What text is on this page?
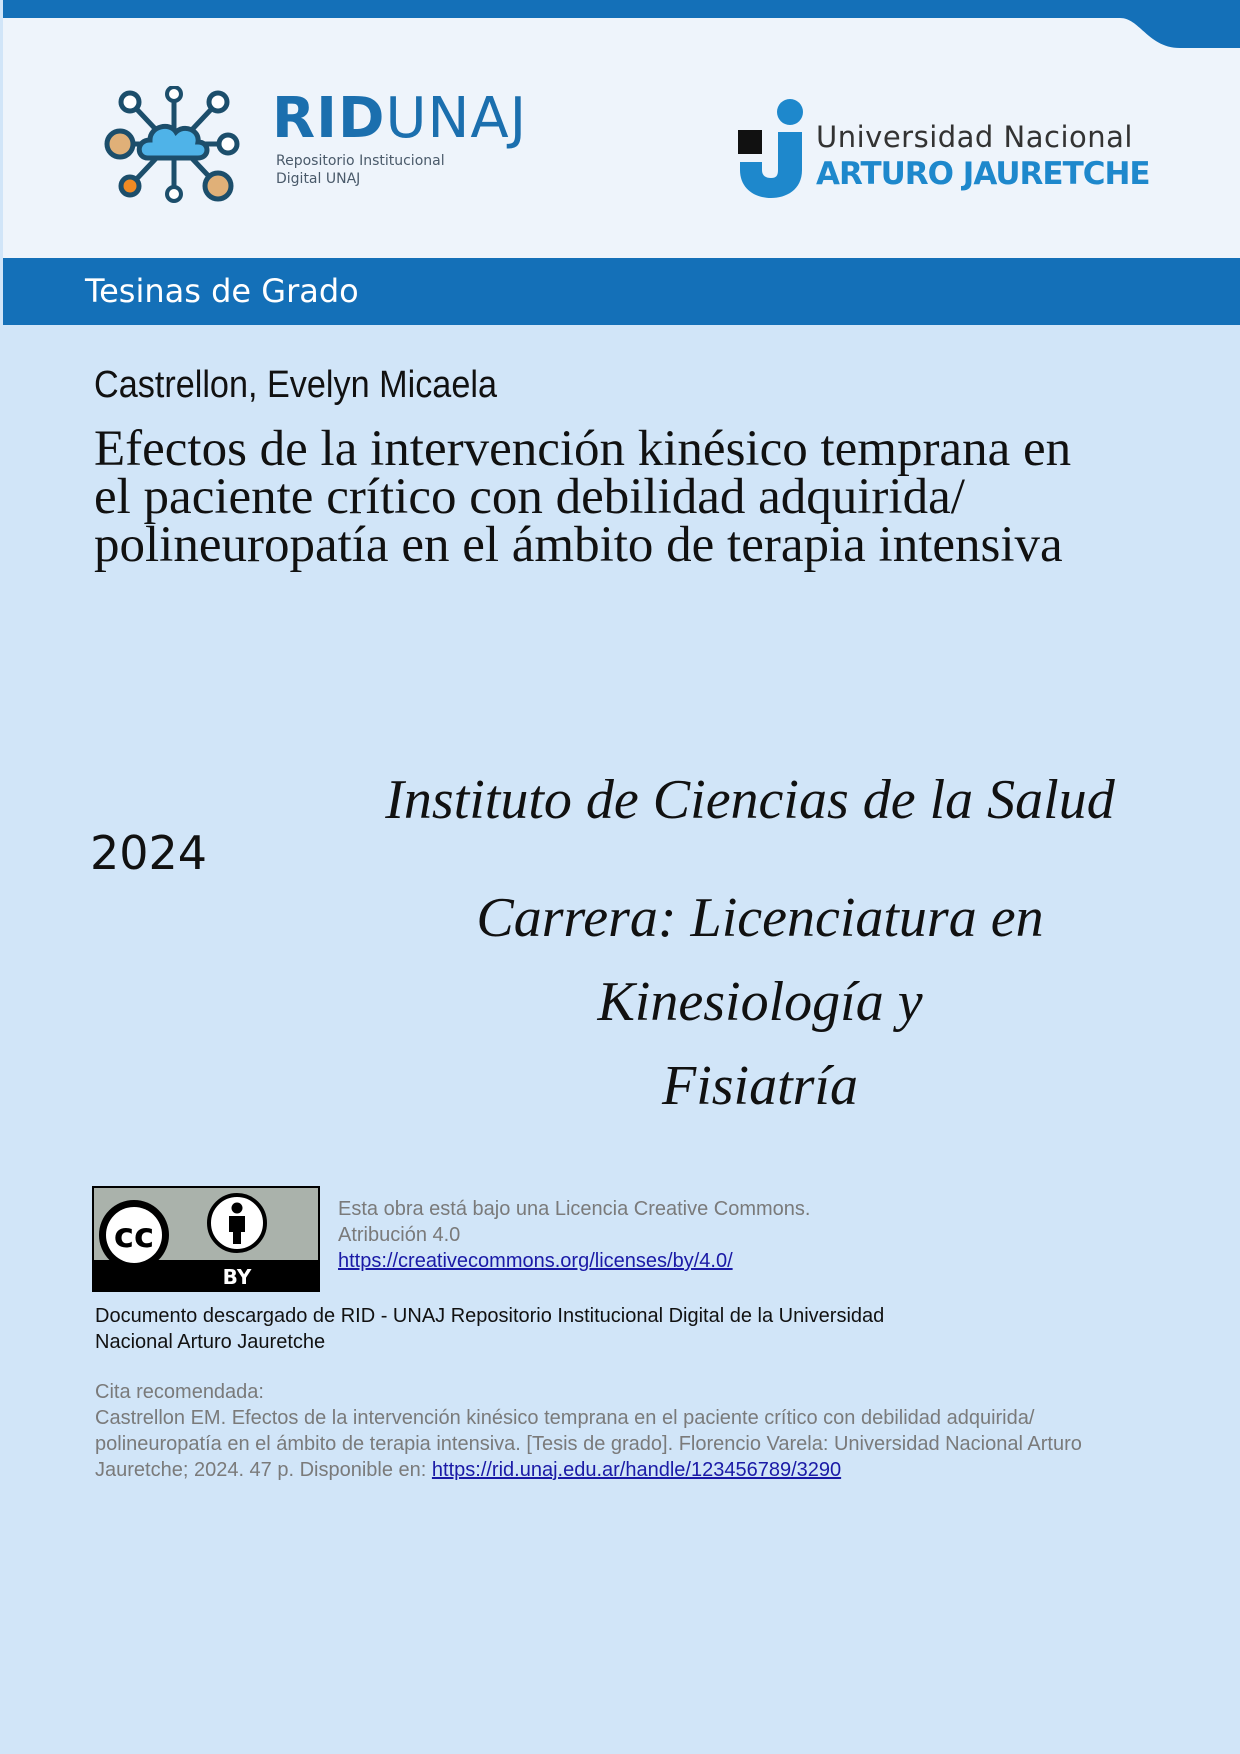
RIDUNAJ
Repositorio Institucional
Digital UNAJ
Universidad Nacional
ARTURO JAURETCHE
Tesinas de Grado
Castrellon, Evelyn Micaela
Efectos de la intervención kinésico temprana en
el paciente crítico con debilidad adquirida/
polineuropatía en el ámbito de terapia intensiva
2024
Instituto de Ciencias de la Salud

Carrera: Licenciatura en Kinesiología y
Fisiatría

cc
BY
Esta obra está bajo una Licencia Creative Commons.
Atribución 4.0
https://creativecommons.org/licenses/by/4.0/
Documento descargado de RID - UNAJ Repositorio Institucional Digital de la Universidad
Nacional Arturo Jauretche
Cita recomendada:
Castrellon EM. Efectos de la intervención kinésico temprana en el paciente crítico con debilidad adquirida/
polineuropatía en el ámbito de terapia intensiva. [Tesis de grado]. Florencio Varela: Universidad Nacional Arturo
Jauretche; 2024. 47 p. Disponible en: https://rid.unaj.edu.ar/handle/123456789/3290
